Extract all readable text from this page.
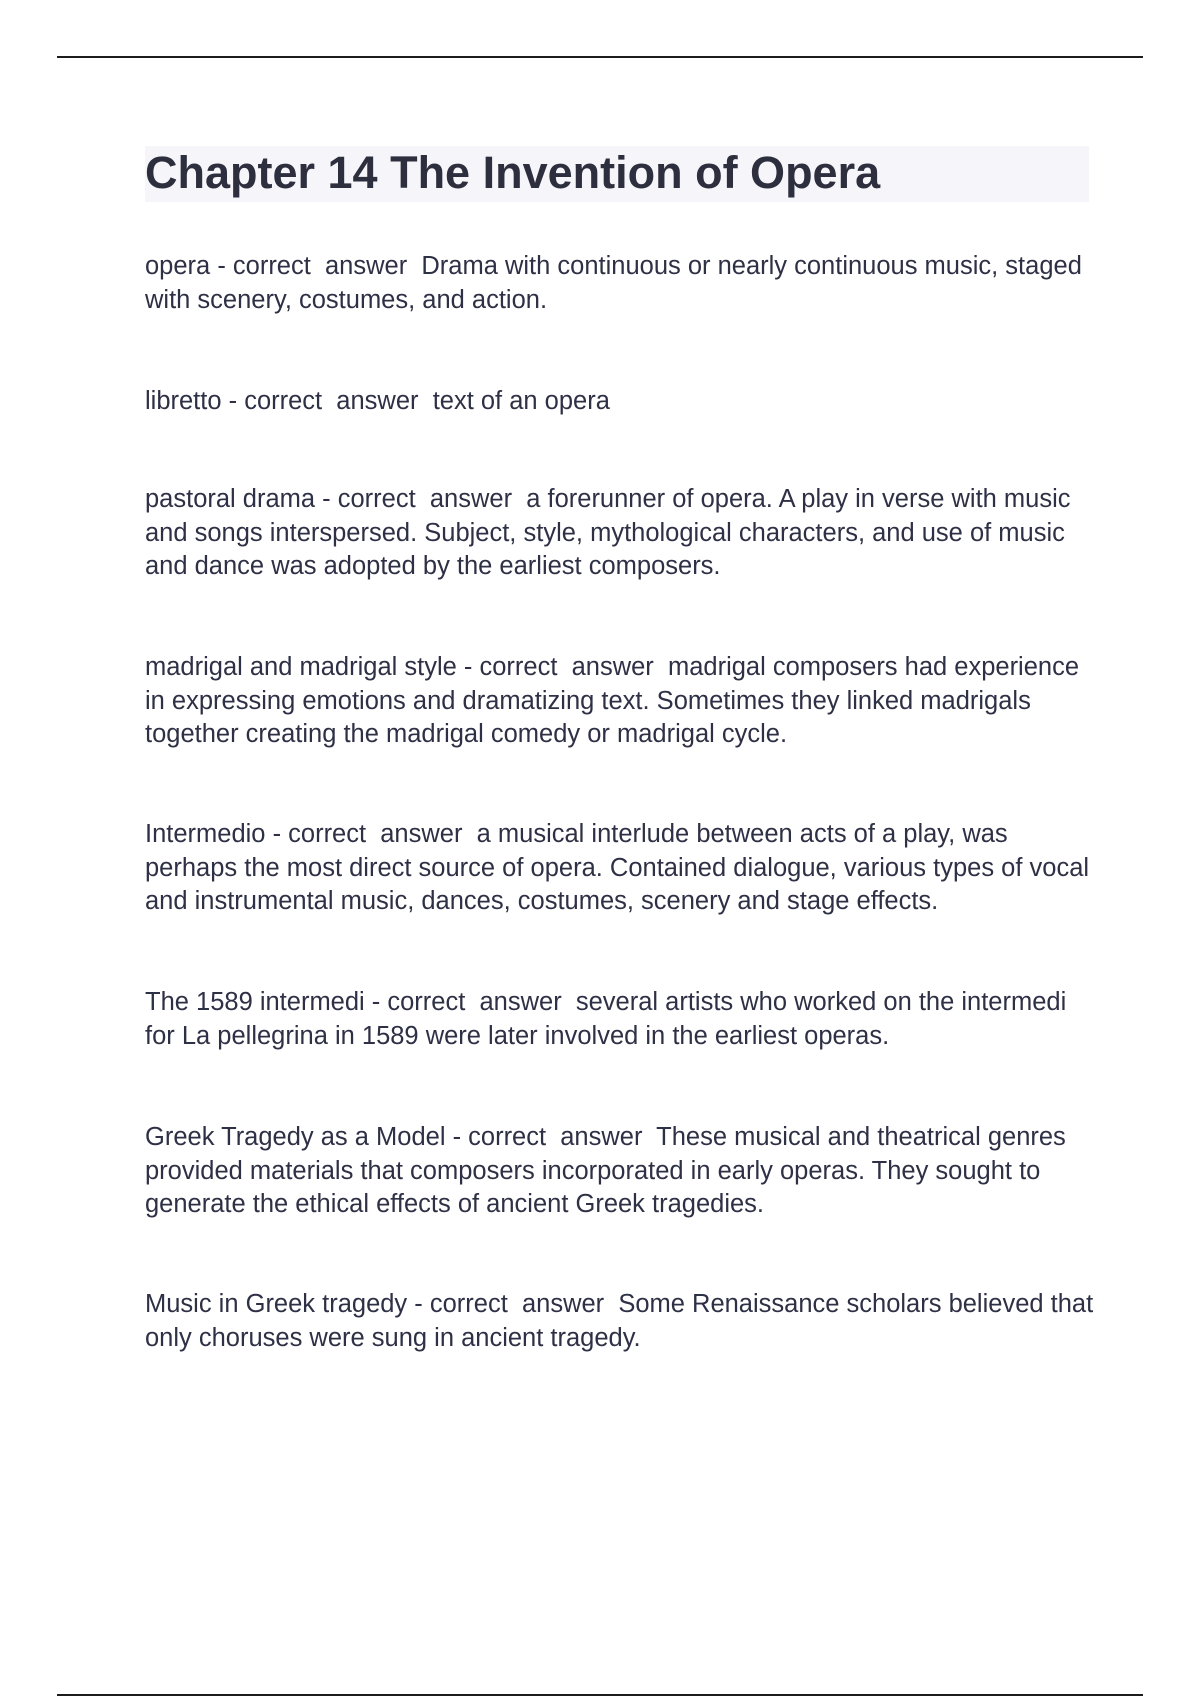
Chapter 14 The Invention of Opera

opera - correct  answer  Drama with continuous or nearly continuous music, staged with scenery, costumes, and action.

libretto - correct  answer  text of an opera

pastoral drama - correct  answer  a forerunner of opera. A play in verse with music and songs interspersed. Subject, style, mythological characters, and use of music and dance was adopted by the earliest composers.

madrigal and madrigal style - correct  answer  madrigal composers had experience in expressing emotions and dramatizing text. Sometimes they linked madrigals together creating the madrigal comedy or madrigal cycle.

Intermedio - correct  answer  a musical interlude between acts of a play, was perhaps the most direct source of opera. Contained dialogue, various types of vocal and instrumental music, dances, costumes, scenery and stage effects.

The 1589 intermedi - correct  answer  several artists who worked on the intermedi for La pellegrina in 1589 were later involved in the earliest operas.

Greek Tragedy as a Model - correct  answer  These musical and theatrical genres provided materials that composers incorporated in early operas. They sought to generate the ethical effects of ancient Greek tragedies.

Music in Greek tragedy - correct  answer  Some Renaissance scholars believed that only choruses were sung in ancient tragedy.
